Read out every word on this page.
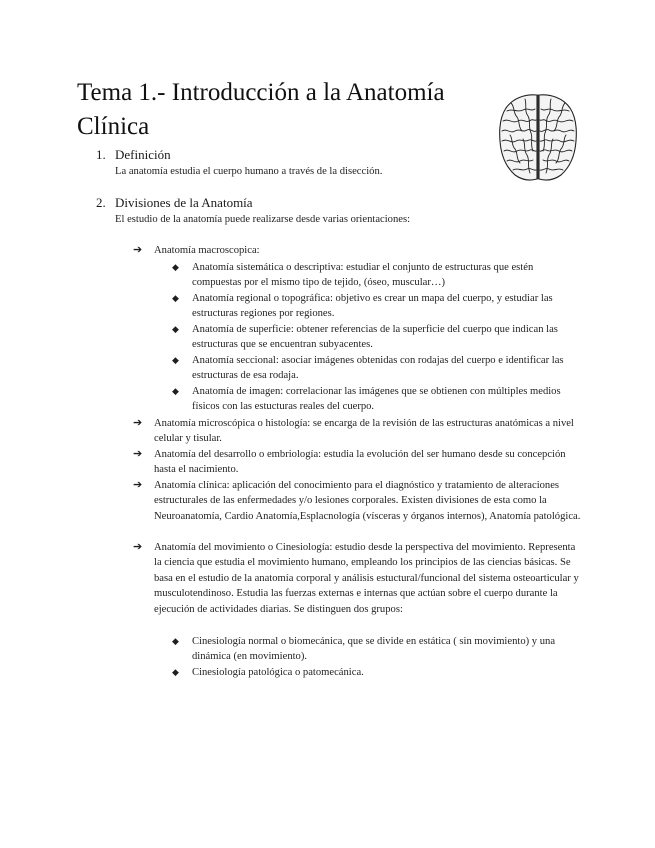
Tema 1.- Introducción a la Anatomía Clínica
1. Definición
La anatomía estudia el cuerpo humano a través de la disección.
2. Divisiones de la Anatomía
El estudio de la anatomía puede realizarse desde varias orientaciones:
➔ Anatomía macroscopica:
◆ Anatomía sistemática o descriptiva: estudiar el conjunto de estructuras que estén compuestas por el mismo tipo de tejido, (óseo, muscular…)
◆ Anatomía regional o topográfica: objetivo es crear un mapa del cuerpo, y estudiar las estructuras regiones por regiones.
◆ Anatomía de superficie: obtener referencias de la superficie del cuerpo que indican las estructuras que se encuentran subyacentes.
◆ Anatomía seccional: asociar imágenes obtenidas con rodajas del cuerpo e identificar las estructuras de esa rodaja.
◆ Anatomía de imagen: correlacionar las imágenes que se obtienen con múltiples medios físicos con las estucturas reales del cuerpo.
➔ Anatomía microscópica o histología: se encarga de la revisión de las estructuras anatómicas a nivel celular y tisular.
➔ Anatomía del desarrollo o embriología: estudia la evolución del ser humano desde su concepción hasta el nacimiento.
➔ Anatomía clínica: aplicación del conocimiento para el diagnóstico y tratamiento de alteraciones estructurales de las enfermedades y/o lesiones corporales. Existen divisiones de esta como la Neuroanatomía, Cardio Anatomía,Esplacnología (vísceras y órganos internos), Anatomía patológica.
➔ Anatomía del movimiento o Cinesiología: estudio desde la perspectiva del movimiento. Representa la ciencia que estudia el movimiento humano, empleando los principios de las ciencias básicas. Se basa en el estudio de la anatomía corporal y análisis estuctural/funcional del sistema osteoarticular y musculotendinoso. Estudia las fuerzas externas e internas que actúan sobre el cuerpo durante la ejecución de actividades diarias. Se distinguen dos grupos:
◆ Cinesiología normal o biomecánica, que se divide en estática ( sin movimiento) y una dinámica (en movimiento).
◆ Cinesiología patológica o patomecánica.
